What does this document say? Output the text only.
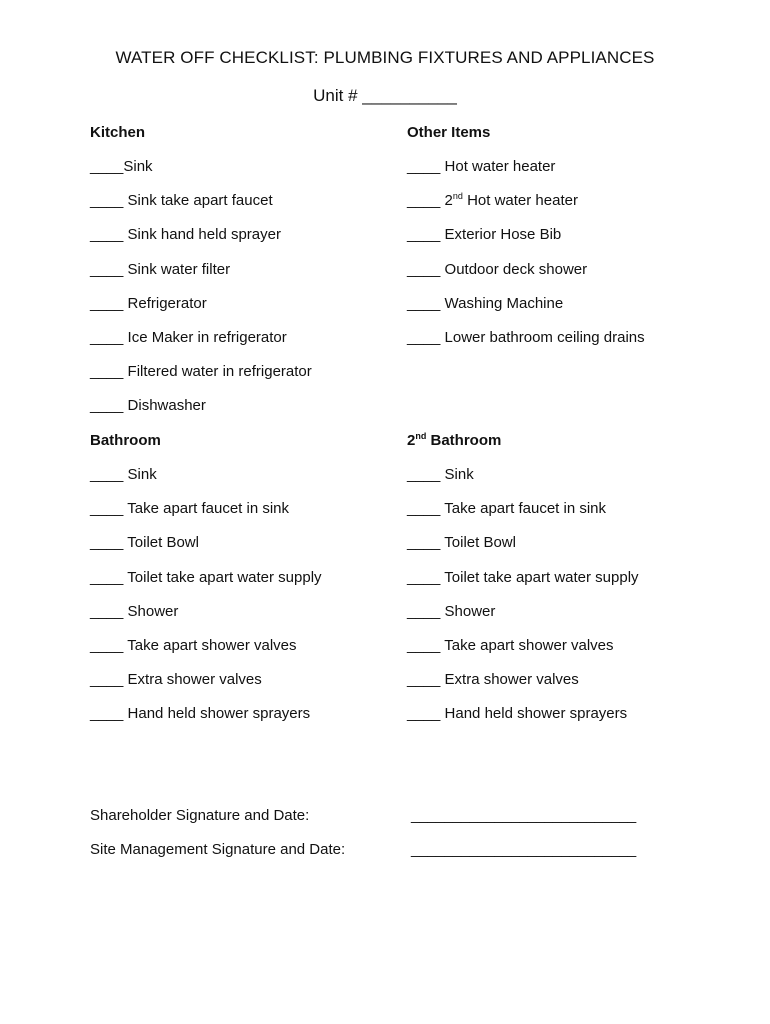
WATER OFF CHECKLIST: PLUMBING FIXTURES AND APPLIANCES
Unit # __________
Kitchen
____Sink
____ Sink take apart faucet
____ Sink hand held sprayer
____ Sink water filter
____ Refrigerator
____ Ice Maker in refrigerator
____ Filtered water in refrigerator
____ Dishwasher
Other Items
____ Hot water heater
____ 2nd Hot water heater
____ Exterior Hose Bib
____ Outdoor deck shower
____ Washing Machine
____ Lower bathroom ceiling drains
Bathroom
____ Sink
____ Take apart faucet in sink
____ Toilet Bowl
____ Toilet take apart water supply
____ Shower
____ Take apart shower valves
____ Extra shower valves
____ Hand held shower sprayers
2nd Bathroom
____ Sink
____ Take apart faucet in sink
____ Toilet Bowl
____ Toilet take apart water supply
____ Shower
____ Take apart shower valves
____ Extra shower valves
____ Hand held shower sprayers
Shareholder Signature and Date:	___________________________
Site Management Signature and Date:	___________________________
